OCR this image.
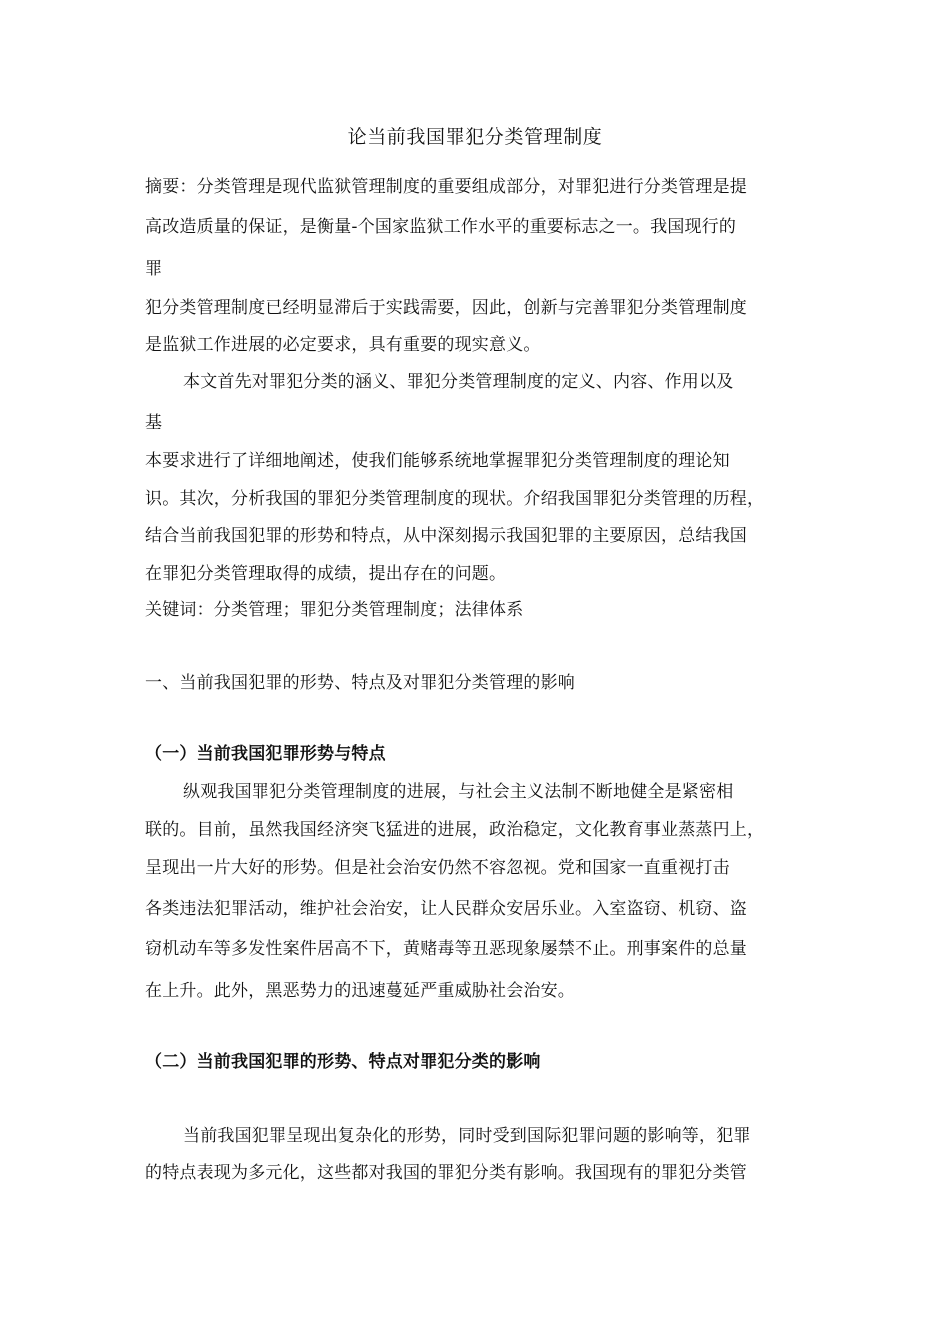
论当前我国罪犯分类管理制度
摘要：分类管理是现代监狱管理制度的重要组成部分，对罪犯进行分类管理是提
高改造质量的保证，是衡量-个国家监狱工作水平的重要标志之一。我国现行的
罪
犯分类管理制度已经明显滞后于实践需要，因此，创新与完善罪犯分类管理制度
是监狱工作进展的必定要求，具有重要的现实意义。
本文首先对罪犯分类的涵义、罪犯分类管理制度的定义、内容、作用以及
基
本要求进行了详细地阐述，使我们能够系统地掌握罪犯分类管理制度的理论知
识。其次，分析我国的罪犯分类管理制度的现状。介绍我国罪犯分类管理的历程，
结合当前我国犯罪的形势和特点，从中深刻揭示我国犯罪的主要原因，总结我国
在罪犯分类管理取得的成绩，提出存在的问题。
关键词：分类管理；罪犯分类管理制度；法律体系
一、当前我国犯罪的形势、特点及对罪犯分类管理的影响
（一）当前我国犯罪形势与特点
纵观我国罪犯分类管理制度的进展，与社会主义法制不断地健全是紧密相
联的。目前，虽然我国经济突飞猛进的进展，政治稳定，文化教育事业蒸蒸円上，
呈现出一片大好的形势。但是社会治安仍然不容忽视。党和国家一直重视打击
各类违法犯罪活动，维护社会治安，让人民群众安居乐业。入室盗窃、机窃、盗
窃机动车等多发性案件居高不下，黄赌毒等丑恶现象屡禁不止。刑事案件的总量
在上升。此外，黑恶势力的迅速蔓延严重威胁社会治安。
（二）当前我国犯罪的形势、特点对罪犯分类的影响
当前我国犯罪呈现出复杂化的形势，同时受到国际犯罪问题的影响等，犯罪
的特点表现为多元化，这些都对我国的罪犯分类有影响。我国现有的罪犯分类管
